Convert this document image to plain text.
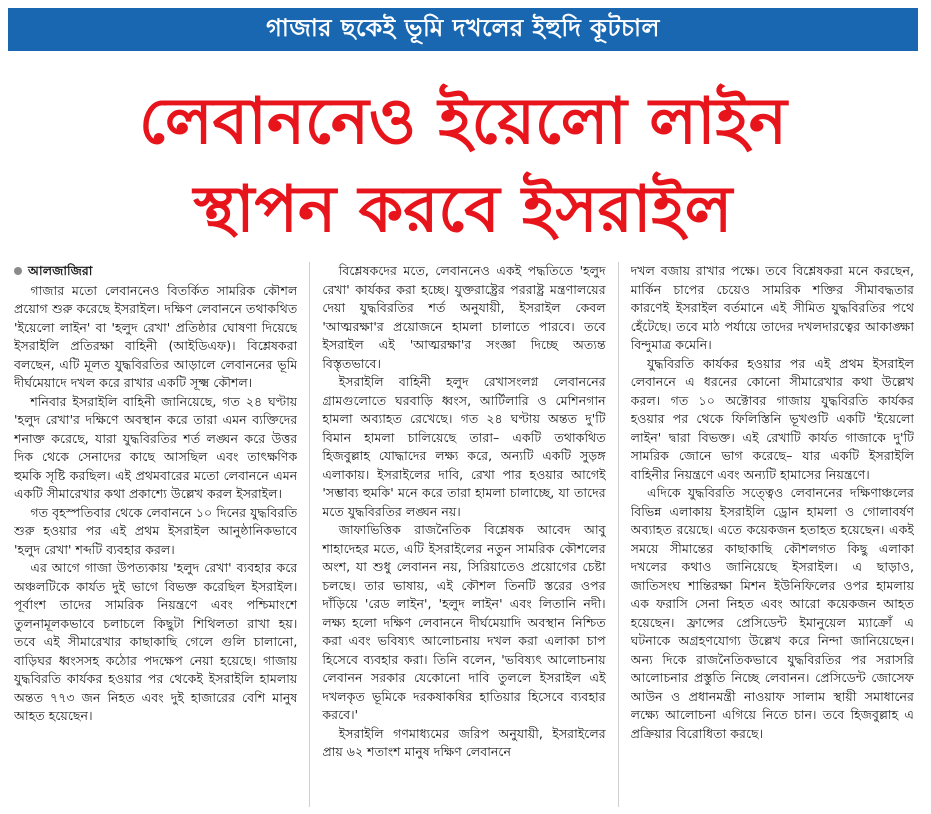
গাজার ছকেই ভূমি দখলের ইহুদি কূটচাল
লেবাননেও ইয়েলো লাইন
স্থাপন করবে ইসরাইল
আলজাজিরা

গাজার মতো লেবাননেও বিতর্কিত সামরিক কৌশল প্রয়োগ শুরু করেছে ইসরাইল। দক্ষিণ লেবাননে তথাকথিত 'ইয়েলো লাইন' বা 'হলুদ রেখা' প্রতিষ্ঠার ঘোষণা দিয়েছে ইসরাইলি প্রতিরক্ষা বাহিনী (আইডিএফ)। বিশ্লেষকরা বলছেন, এটি মূলত যুদ্ধবিরতির আড়ালে লেবাননের ভূমি দীর্ঘমেয়াদে দখল করে রাখার একটি সূক্ষ্ম কৌশল।

শনিবার ইসরাইলি বাহিনী জানিয়েছে, গত ২৪ ঘণ্টায় 'হলুদ রেখা'র দক্ষিণে অবস্থান করে তারা এমন ব্যক্তিদের শনাক্ত করেছে, যারা যুদ্ধবিরতির শর্ত লঙ্ঘন করে উত্তর দিক থেকে সেনাদের কাছে আসছিল এবং তাৎক্ষণিক হুমকি সৃষ্টি করছিল। এই প্রথমবারের মতো লেবাননে এমন একটি সীমারেখার কথা প্রকাশ্যে উল্লেখ করল ইসরাইল।

গত বৃহস্পতিবার থেকে লেবাননে ১০ দিনের যুদ্ধবিরতি শুরু হওয়ার পর এই প্রথম ইসরাইল আনুষ্ঠানিকভাবে 'হলুদ রেখা' শব্দটি ব্যবহার করল।

এর আগে গাজা উপত্যকায় 'হলুদ রেখা' ব্যবহার করে অঞ্চলটিকে কার্যত দুই ভাগে বিভক্ত করেছিল ইসরাইল। পূর্বাংশ তাদের সামরিক নিয়ন্ত্রণে এবং পশ্চিমাংশে তুলনামূলকভাবে চলাচলে কিছুটা শিথিলতা রাখা হয়। তবে এই সীমারেখার কাছাকাছি গেলে গুলি চালানো, বাড়িঘর ধ্বংসসহ কঠোর পদক্ষেপ নেয়া হয়েছে। গাজায় যুদ্ধবিরতি কার্যকর হওয়ার পর থেকেই ইসরাইলি হামলায় অন্তত ৭৭৩ জন নিহত এবং দুই হাজারের বেশি মানুষ আহত হয়েছেন।

বিশ্লেষকদের মতে, লেবাননেও একই পদ্ধতিতে 'হলুদ রেখা' কার্যকর করা হচ্ছে। যুক্তরাষ্ট্রের পররাষ্ট্র মন্ত্রণালয়ের দেয়া যুদ্ধবিরতির শর্ত অনুযায়ী, ইসরাইল কেবল 'আত্মরক্ষা'র প্রয়োজনে হামলা চালাতে পারবে। তবে ইসরাইল এই 'আত্মরক্ষা'র সংজ্ঞা দিচ্ছে অত্যন্ত বিস্তৃতভাবে।

ইসরাইলি বাহিনী হলুদ রেখাসংলগ্ন লেবাননের গ্রামগুলোতে ঘরবাড়ি ধ্বংস, আর্টিলারি ও মেশিনগান হামলা অব্যাহত রেখেছে। গত ২৪ ঘণ্টায় অন্তত দু'টি বিমান হামলা চালিয়েছে তারা– একটি তথাকথিত হিজবুল্লাহ যোদ্ধাদের লক্ষ্য করে, অন্যটি একটি সুড়ঙ্গ এলাকায়। ইসরাইলের দাবি, রেখা পার হওয়ার আগেই 'সম্ভাব্য হুমকি' মনে করে তারা হামলা চালাচ্ছে, যা তাদের মতে যুদ্ধবিরতির লঙ্ঘন নয়।

জাফাভিত্তিক রাজনৈতিক বিশ্লেষক আবেদ আবু শাহাদেহর মতে, এটি ইসরাইলের নতুন সামরিক কৌশলের অংশ, যা শুধু লেবানন নয়, সিরিয়াতেও প্রয়োগের চেষ্টা চলছে। তার ভাষায়, এই কৌশল তিনটি স্তরের ওপর দাঁড়িয়ে 'রেড লাইন', 'হলুদ লাইন' এবং লিতানি নদী। লক্ষ্য হলো দক্ষিণ লেবাননে দীর্ঘমেয়াদি অবস্থান নিশ্চিত করা এবং ভবিষ্যৎ আলোচনায় দখল করা এলাকা চাপ হিসেবে ব্যবহার করা। তিনি বলেন, 'ভবিষ্যৎ আলোচনায় লেবানন সরকার যেকোনো দাবি তুললে ইসরাইল এই দখলকৃত ভূমিকে দরকষাকষির হাতিয়ার হিসেবে ব্যবহার করবে।'

ইসরাইলি গণমাধ্যমের জরিপ অনুযায়ী, ইসরাইলের প্রায় ৬২ শতাংশ মানুষ দক্ষিণ লেবাননে

দখল বজায় রাখার পক্ষে। তবে বিশ্লেষকরা মনে করছেন, মার্কিন চাপের চেয়েও সামরিক শক্তির সীমাবদ্ধতার কারণেই ইসরাইল বর্তমানে এই সীমিত যুদ্ধবিরতির পথে হেঁটেছে। তবে মাঠ পর্যায়ে তাদের দখলদারত্বের আকাঙ্ক্ষা বিন্দুমাত্র কমেনি।

যুদ্ধবিরতি কার্যকর হওয়ার পর এই প্রথম ইসরাইল লেবাননে এ ধরনের কোনো সীমারেখার কথা উল্লেখ করল। গত ১০ অক্টোবর গাজায় যুদ্ধবিরতি কার্যকর হওয়ার পর থেকে ফিলিস্তিনি ভূখণ্ডটি একটি 'ইয়েলো লাইন' দ্বারা বিভক্ত। এই রেখাটি কার্যত গাজাকে দু'টি সামরিক জোনে ভাগ করেছে– যার একটি ইসরাইলি বাহিনীর নিয়ন্ত্রণে এবং অন্যটি হামাসের নিয়ন্ত্রণে।

এদিকে যুদ্ধবিরতি সত্ত্বেও লেবাননের দক্ষিণাঞ্চলের বিভিন্ন এলাকায় ইসরাইলি ড্রোন হামলা ও গোলাবর্ষণ অব্যাহত রয়েছে। এতে কয়েকজন হতাহত হয়েছেন। একই সময়ে সীমান্তের কাছাকাছি কৌশলগত কিছু এলাকা দখলের কথাও জানিয়েছে ইসরাইল। এ ছাড়াও, জাতিসংঘ শান্তিরক্ষা মিশন ইউনিফিলের ওপর হামলায় এক ফরাসি সেনা নিহত এবং আরো কয়েকজন আহত হয়েছেন। ফ্রান্সের প্রেসিডেন্ট ইমানুয়েল ম্যাক্রোঁ এ ঘটনাকে অগ্রহণযোগ্য উল্লেখ করে নিন্দা জানিয়েছেন। অন্য দিকে রাজনৈতিকভাবে যুদ্ধবিরতির পর সরাসরি আলোচনার প্রস্তুতি নিচ্ছে লেবানন। প্রেসিডেন্ট জোসেফ আউন ও প্রধানমন্ত্রী নাওয়াফ সালাম স্থায়ী সমাধানের লক্ষ্যে আলোচনা এগিয়ে নিতে চান। তবে হিজবুল্লাহ এ প্রক্রিয়ার বিরোধিতা করছে।
